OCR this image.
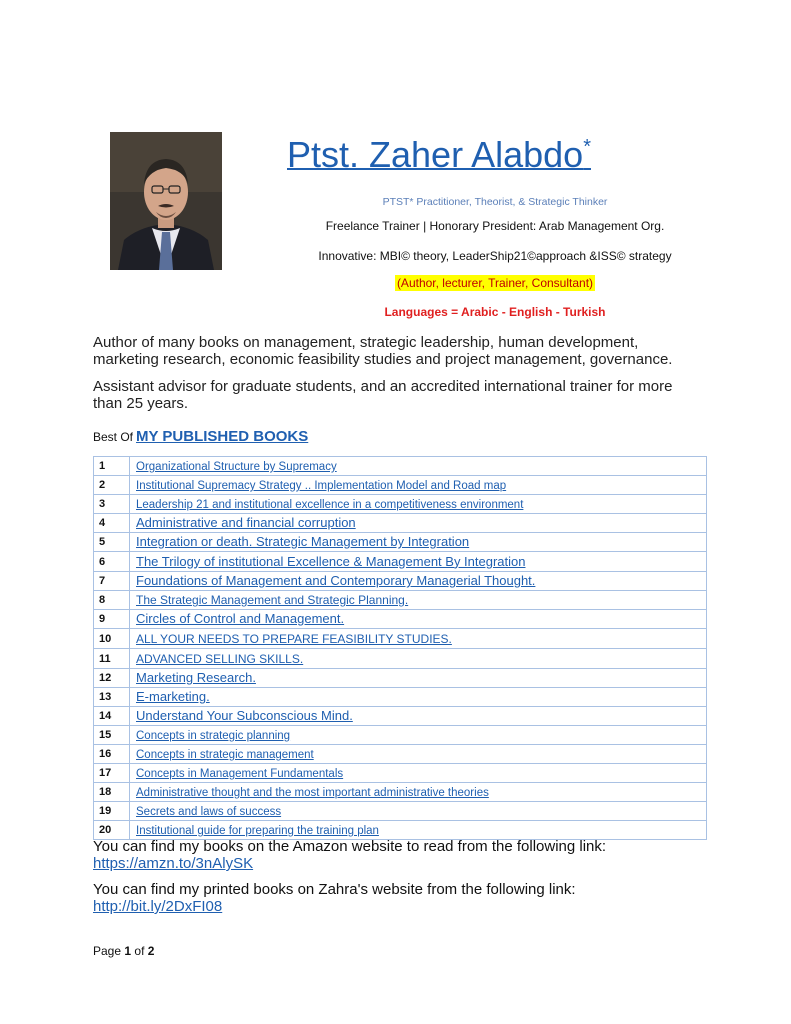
Ptst. Zaher Alabdo*
PTST* Practitioner, Theorist, & Strategic Thinker
Freelance Trainer | Honorary President: Arab Management Org.
Innovative: MBI© theory, LeaderShip21©approach &ISS© strategy
(Author, lecturer, Trainer, Consultant)
Languages = Arabic - English - Turkish
Author of many books on management, strategic leadership, human development, marketing research, economic feasibility studies and project management, governance.
Assistant advisor for graduate students, and an accredited international trainer for more than 25 years.
Best Of MY PUBLISHED BOOKS
1	Organizational Structure by Supremacy
2	Institutional Supremacy Strategy .. Implementation Model and Road map
3	Leadership 21 and institutional excellence in a competitiveness environment
4	Administrative and financial corruption
5	Integration or death. Strategic Management by Integration
6	The Trilogy of institutional Excellence & Management By Integration
7	Foundations of Management and Contemporary Managerial Thought.
8	The Strategic Management and Strategic Planning.
9	Circles of Control and Management.
10	ALL YOUR NEEDS TO PREPARE FEASIBILITY STUDIES.
11	ADVANCED SELLING SKILLS.
12	Marketing Research.
13	E-marketing.
14	Understand Your Subconscious Mind.
15	Concepts in strategic planning
16	Concepts in strategic management
17	Concepts in Management Fundamentals
18	Administrative thought and the most important administrative theories
19	Secrets and laws of success
20	Institutional guide for preparing the training plan
You can find my books on the Amazon website to read from the following link:
https://amzn.to/3nAlySK
You can find my printed books on Zahra's website from the following link:
http://bit.ly/2DxFI08
Page 1 of 2
